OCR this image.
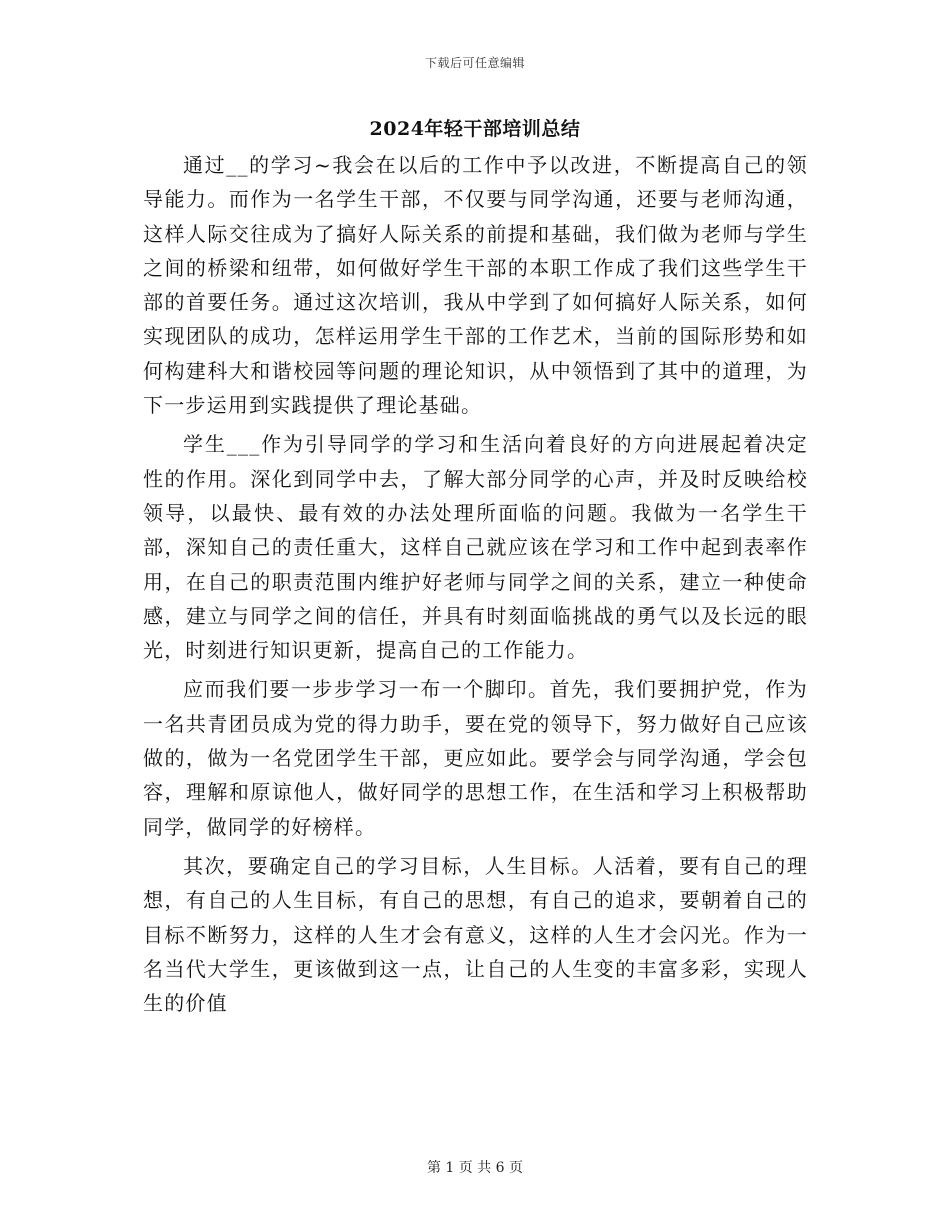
下载后可任意编辑
2024年轻干部培训总结

通过__的学习~我会在以后的工作中予以改进，不断提高自己的领导能力。而作为一名学生干部，不仅要与同学沟通，还要与老师沟通，这样人际交往成为了搞好人际关系的前提和基础，我们做为老师与学生之间的桥梁和纽带，如何做好学生干部的本职工作成了我们这些学生干部的首要任务。通过这次培训，我从中学到了如何搞好人际关系，如何实现团队的成功，怎样运用学生干部的工作艺术，当前的国际形势和如何构建科大和谐校园等问题的理论知识，从中领悟到了其中的道理，为下一步运用到实践提供了理论基础。

学生___作为引导同学的学习和生活向着良好的方向进展起着决定性的作用。深化到同学中去，了解大部分同学的心声，并及时反映给校领导，以最快、最有效的办法处理所面临的问题。我做为一名学生干部，深知自己的责任重大，这样自己就应该在学习和工作中起到表率作用，在自己的职责范围内维护好老师与同学之间的关系，建立一种使命感，建立与同学之间的信任，并具有时刻面临挑战的勇气以及长远的眼光，时刻进行知识更新，提高自己的工作能力。

应而我们要一步步学习一布一个脚印。首先，我们要拥护党，作为一名共青团员成为党的得力助手，要在党的领导下，努力做好自己应该做的，做为一名党团学生干部，更应如此。要学会与同学沟通，学会包容，理解和原谅他人，做好同学的思想工作，在生活和学习上积极帮助同学，做同学的好榜样。

其次，要确定自己的学习目标，人生目标。人活着，要有自己的理想，有自己的人生目标，有自己的思想，有自己的追求，要朝着自己的目标不断努力，这样的人生才会有意义，这样的人生才会闪光。作为一名当代大学生，更该做到这一点，让自己的人生变的丰富多彩，实现人生的价值

第 1 页 共 6 页
